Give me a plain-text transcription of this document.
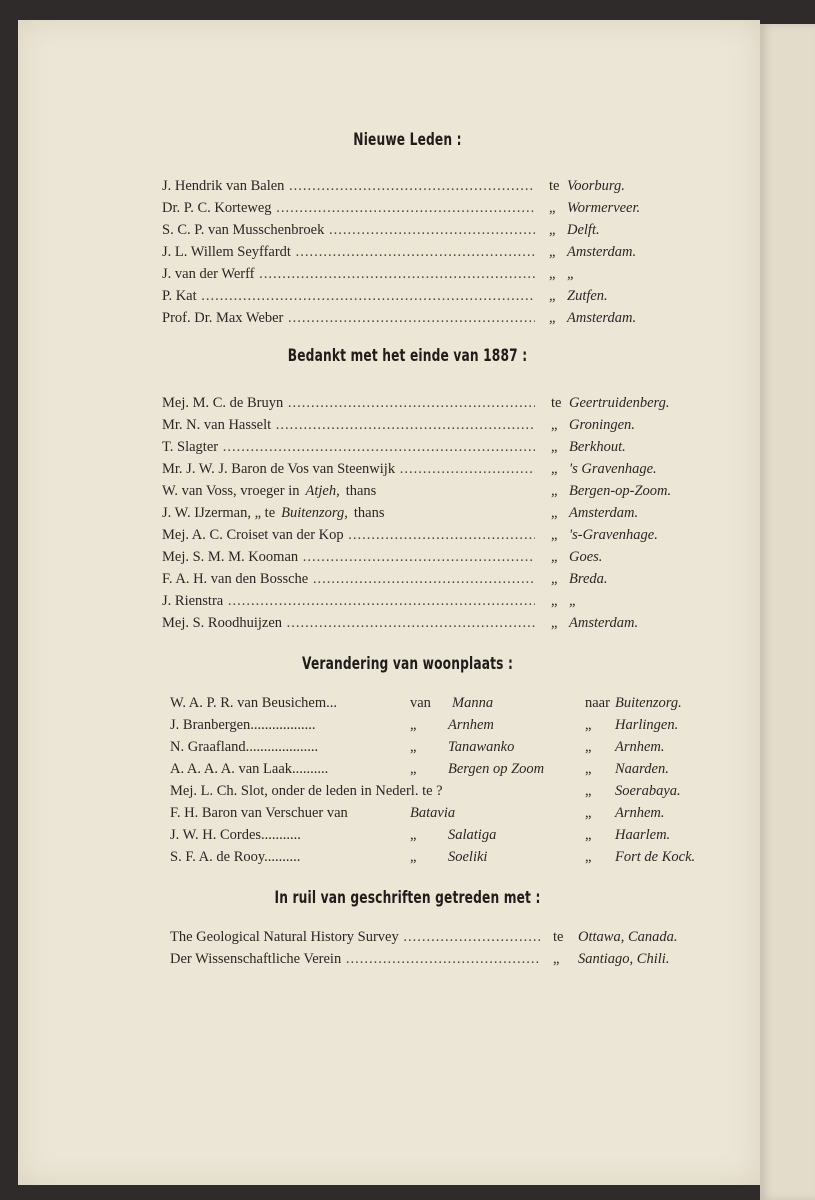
Nieuwe Leden :
J. Hendrik van Balen .....	te Voorburg.
Dr. P. C. Korteweg .....	„ Wormerveer.
S. C. P. van Musschenbroek .....	„ Delft.
J. L. Willem Seyffardt .....	„ Amsterdam.
J. van der Werff .....	„ „
P. Kat .....	„ Zutfen.
Prof. Dr. Max Weber .....	„ Amsterdam.
Bedankt met het einde van 1887 :
Mej. M. C. de Bruyn .....	te Geertruidenberg.
Mr. N. van Hasselt .....	„ Groningen.
T. Slagter .....	„ Berkhout.
Mr. J. W. J. Baron de Vos van Steenwijk .....	„ 's Gravenhage.
W. van Voss, vroeger in Atjeh, thans	„ Bergen-op-Zoom.
J. W. IJzerman, „ te Buitenzorg, thans	„ Amsterdam.
Mej. A. C. Croiset van der Kop .....	„ 's-Gravenhage.
Mej. S. M. M. Kooman .....	„ Goes.
F. A. H. van den Bossche .....	„ Breda.
J. Rienstra .....	„ „
Mej. S. Roodhuijzen .....	„ Amsterdam.
Verandering van woonplaats :
W. A. P. R. van Beusichem...	van Manna	naar Buitenzorg.
J. Branbergen..................	„ Arnhem	„ Harlingen.
N. Graafland....................	„ Tanawanko	„ Arnhem.
A. A. A. A. van Laak..........	„ Bergen op Zoom	„ Naarden.
Mej. L. Ch. Slot, onder de leden in Nederl. te ?	„ Soerabaya.
F. H. Baron van Verschuer van	Batavia	„ Arnhem.
J. W. H. Cordes...........	„ Salatiga	„ Haarlem.
S. F. A. de Rooy..........	„ Soeliki	„ Fort de Kock.
In ruil van geschriften getreden met :
The Geological Natural History Survey .....	te Ottawa, Canada.
Der Wissenschaftliche Verein .....	„ Santiago, Chili.
